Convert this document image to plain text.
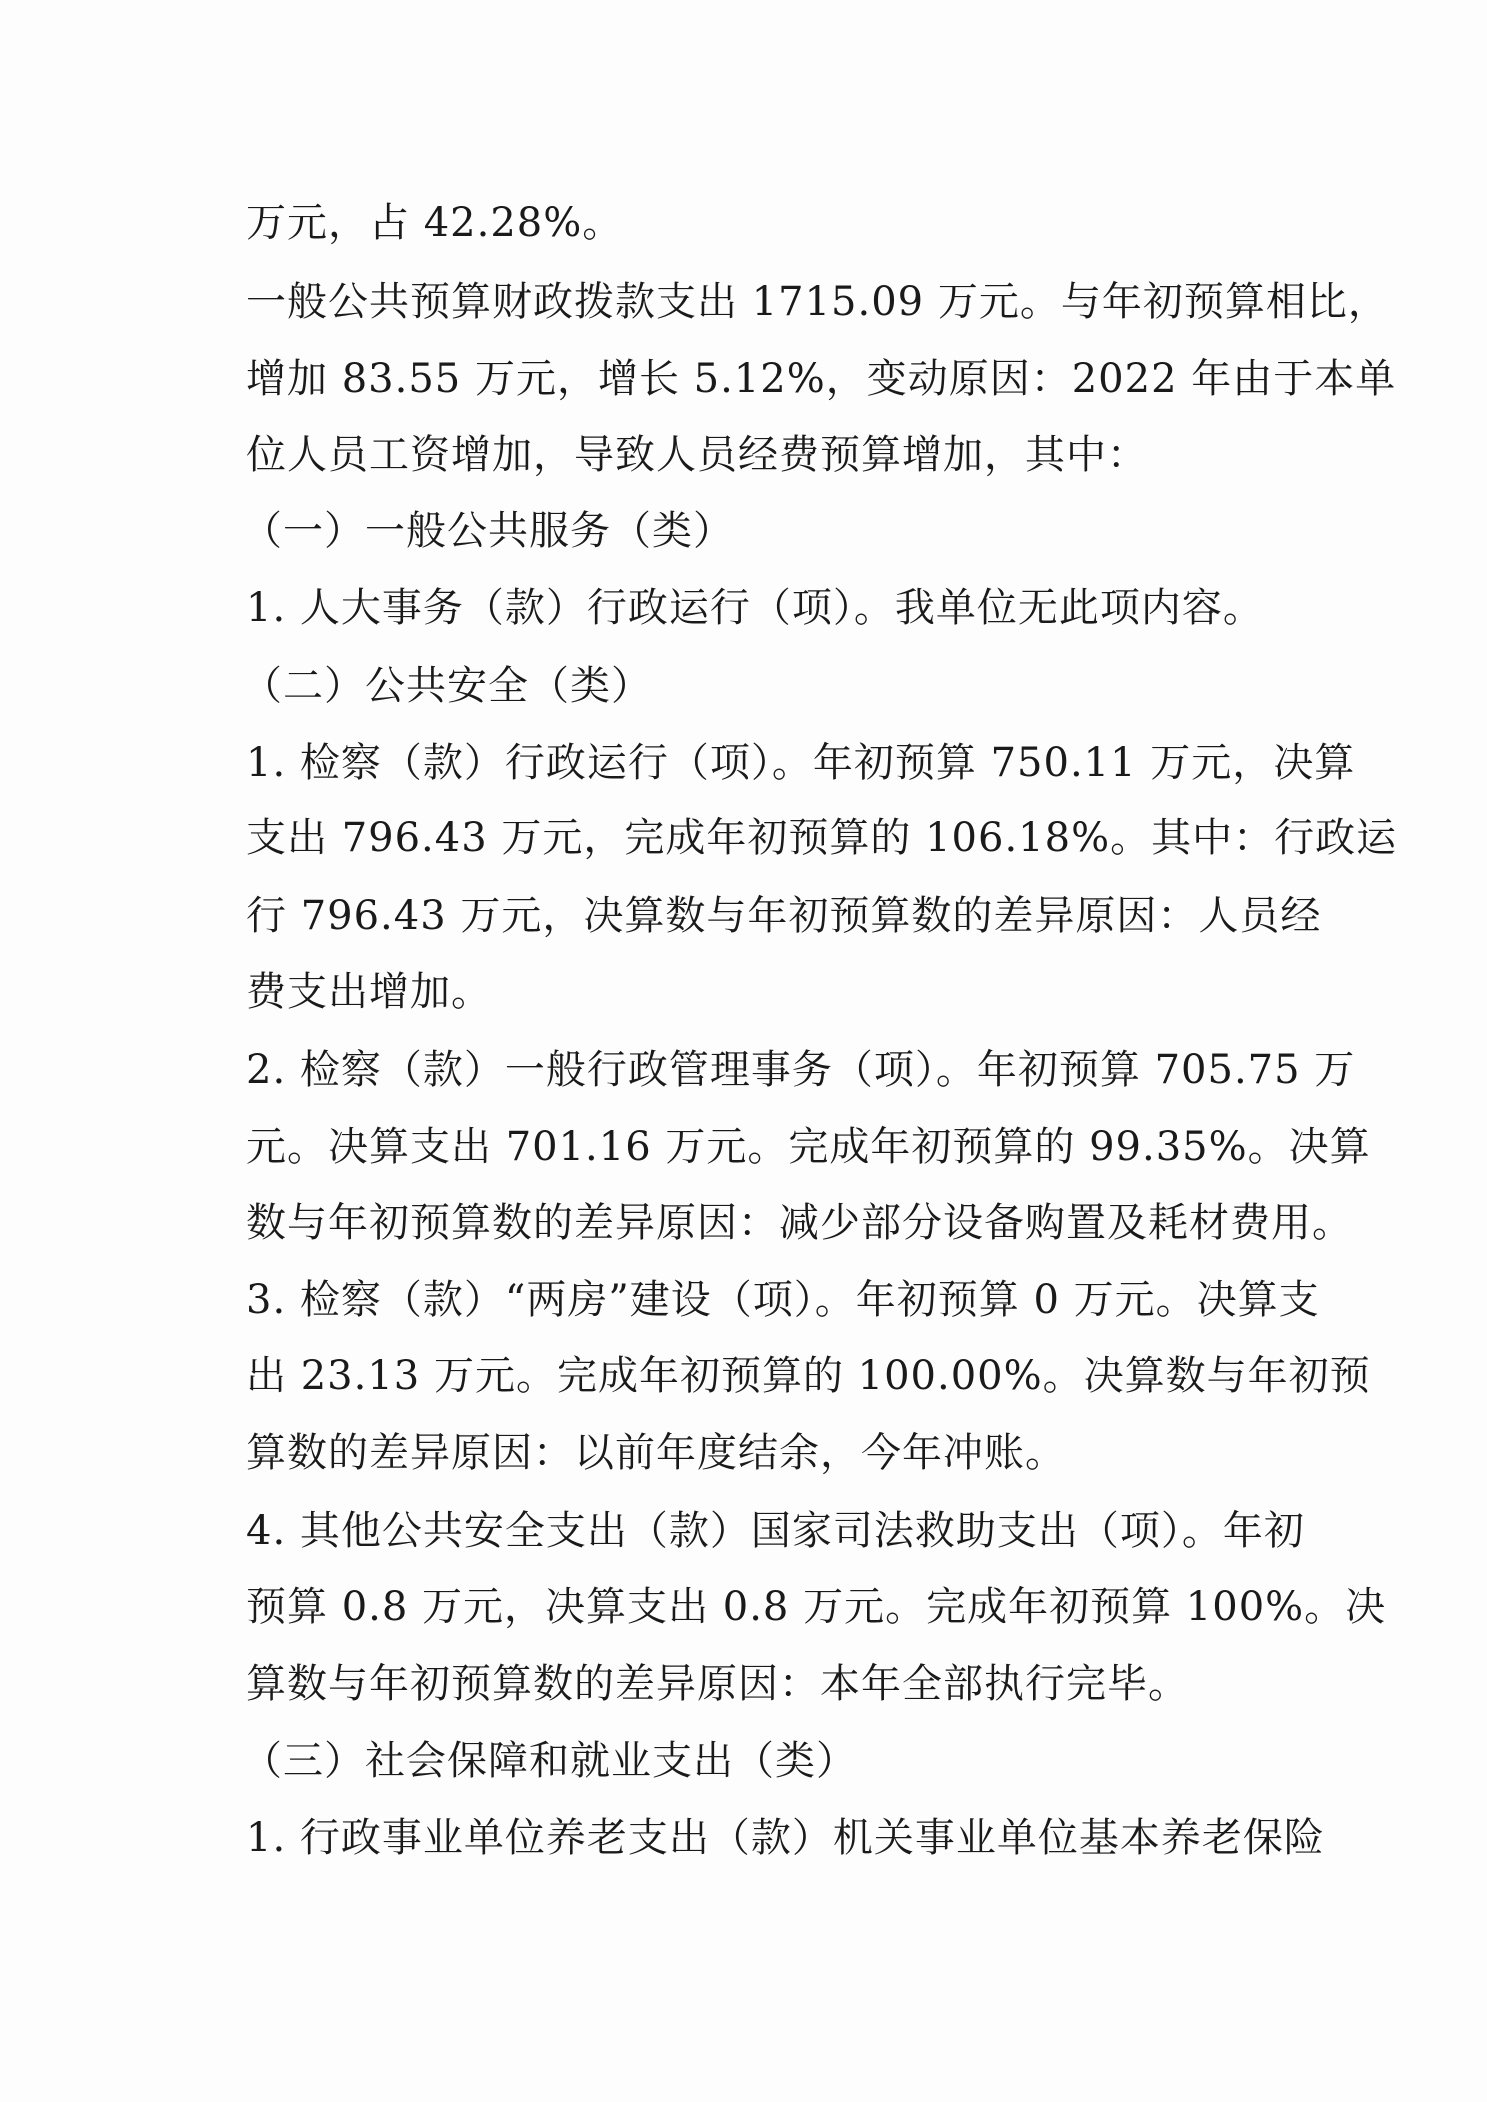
万元，占 42.28%。
一般公共预算财政拨款支出 1715.09 万元。与年初预算相比，
增加 83.55 万元，增长 5.12%，变动原因：2022 年由于本单
位人员工资增加，导致人员经费预算增加，其中：
（一）一般公共服务（类）
1. 人大事务（款）行政运行（项）。我单位无此项内容。
（二）公共安全（类）
1. 检察（款）行政运行（项）。年初预算 750.11 万元，决算
支出 796.43 万元，完成年初预算的 106.18%。其中：行政运
行 796.43 万元，决算数与年初预算数的差异原因：人员经
费支出增加。
2. 检察（款）一般行政管理事务（项）。年初预算 705.75 万
元。决算支出 701.16 万元。完成年初预算的 99.35%。决算
数与年初预算数的差异原因：减少部分设备购置及耗材费用。
3. 检察（款）“两房”建设（项）。年初预算 0 万元。决算支
出 23.13 万元。完成年初预算的 100.00%。决算数与年初预
算数的差异原因：以前年度结余，今年冲账。
4. 其他公共安全支出（款）国家司法救助支出（项）。年初
预算 0.8 万元，决算支出 0.8 万元。完成年初预算 100%。决
算数与年初预算数的差异原因：本年全部执行完毕。
（三）社会保障和就业支出（类）
1. 行政事业单位养老支出（款）机关事业单位基本养老保险
